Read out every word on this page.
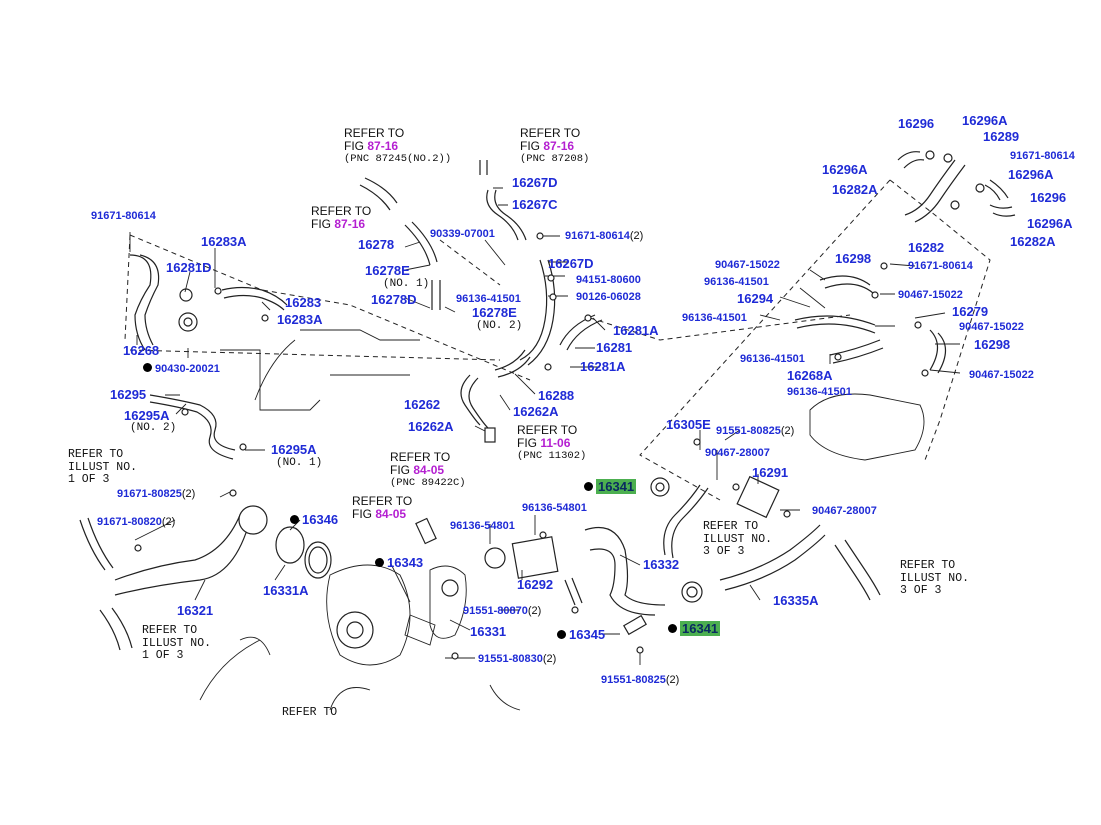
16296 16296A
16289
91671-80614
16296A	16296A
16282A
16296
16296A
16282	16282A
91671-80614
16283A
16281D
16283
16283A
16268
90430-20021
16267D
16267C
90339-07001	91671-80614(2)
16278
16267D
16278E
(NO. 1)	94151-80600
16278D	96136-41501	90126-06028
16278E
(NO. 2)
90467-15022	16298	91671-80614
96136-41501
90467-15022
16294
96136-41501	16279
90467-15022
16281A
16281	16298
96136-41501
16281A
16268A	90467-15022
96136-41501
16295
16295A
(NO. 2)
16288
16262	16262A
16262A
16295A
(NO. 1)
16305E 91551-80825(2)
90467-28007
16291
16341
90467-28007
96136-54801
91671-80825(2)
91671-80820(2)	16346	96136-54801
16343	16332
16292
16331A
16335A
16321	91551-80870(2)
16341
16331	16345
91551-80830(2)
91551-80825(2)
REFER TO
FIG 87-16
(PNC 87245(NO.2))
REFER TO
FIG 87-16
(PNC 87208)
REFER TO
FIG 87-16
REFER TO
FIG 11-06
(PNC 11302)
REFER TO
FIG 84-05
(PNC 89422C)
REFER TO
FIG 84-05
REFER TO
ILLUST NO.
1 OF 3
REFER TO
ILLUST NO.
3 OF 3
REFER TO
ILLUST NO.
3 OF 3
REFER TO
ILLUST NO.
1 OF 3
REFER TO
